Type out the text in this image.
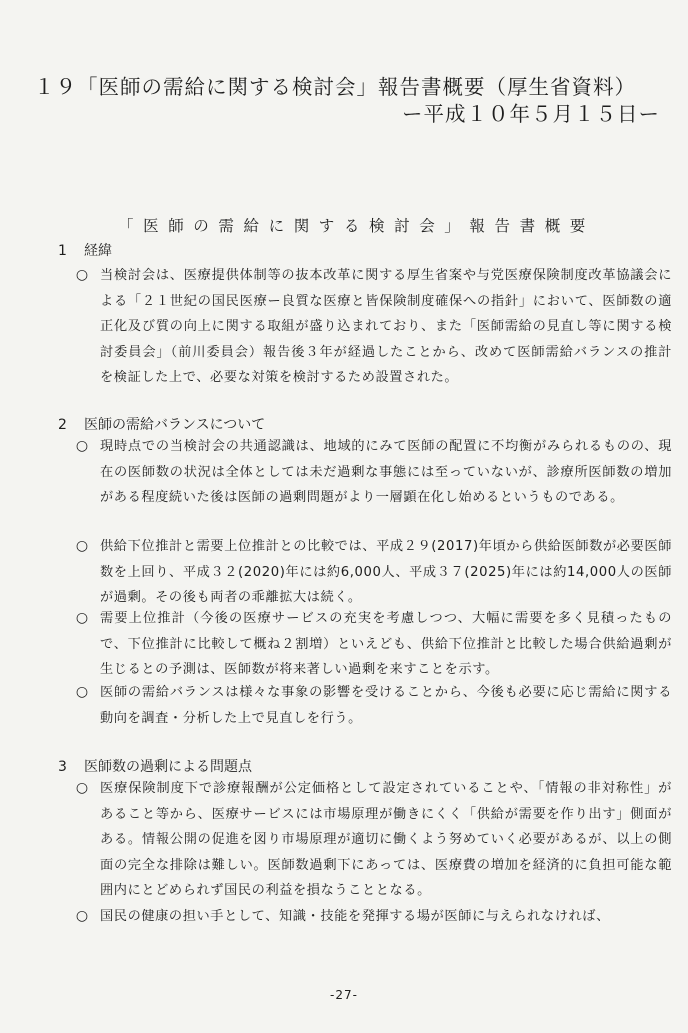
１９「医師の需給に関する検討会」報告書概要（厚生省資料）
ー平成１０年５月１５日ー
「医師の需給に関する検討会」報告書概要
1 経緯
○ 当検討会は、医療提供体制等の抜本改革に関する厚生省案や与党医療保険制度改革協議会による「２１世紀の国民医療ー良質な医療と皆保険制度確保への指針」において、医師数の適正化及び質の向上に関する取組が盛り込まれており、また「医師需給の見直し等に関する検討委員会」（前川委員会）報告後３年が経過したことから、改めて医師需給バランスの推計を検証した上で、必要な対策を検討するため設置された。
2 医師の需給バランスについて
○ 現時点での当検討会の共通認識は、地域的にみて医師の配置に不均衡がみられるものの、現在の医師数の状況は全体としては未だ過剰な事態には至っていないが、診療所医師数の増加がある程度続いた後は医師の過剰問題がより一層顕在化し始めるというものである。
○ 供給下位推計と需要上位推計との比較では、平成２９(2017)年頃から供給医師数が必要医師数を上回り、平成３２(2020)年には約6,000人、平成３７(2025)年には約14,000人の医師が過剰。その後も両者の乖離拡大は続く。
○ 需要上位推計（今後の医療サービスの充実を考慮しつつ、大幅に需要を多く見積ったもので、下位推計に比較して概ね２割増）といえども、供給下位推計と比較した場合供給過剰が生じるとの予測は、医師数が将来著しい過剰を来すことを示す。
○ 医師の需給バランスは様々な事象の影響を受けることから、今後も必要に応じ需給に関する動向を調査・分析した上で見直しを行う。
3 医師数の過剰による問題点
○ 医療保険制度下で診療報酬が公定価格として設定されていることや、「情報の非対称性」があること等から、医療サービスには市場原理が働きにくく「供給が需要を作り出す」側面がある。情報公開の促進を図り市場原理が適切に働くよう努めていく必要があるが、以上の側面の完全な排除は難しい。医師数過剰下にあっては、医療費の増加を経済的に負担可能な範囲内にとどめられず国民の利益を損なうこととなる。
○ 国民の健康の担い手として、知識・技能を発揮する場が医師に与えられなければ、
-27-
